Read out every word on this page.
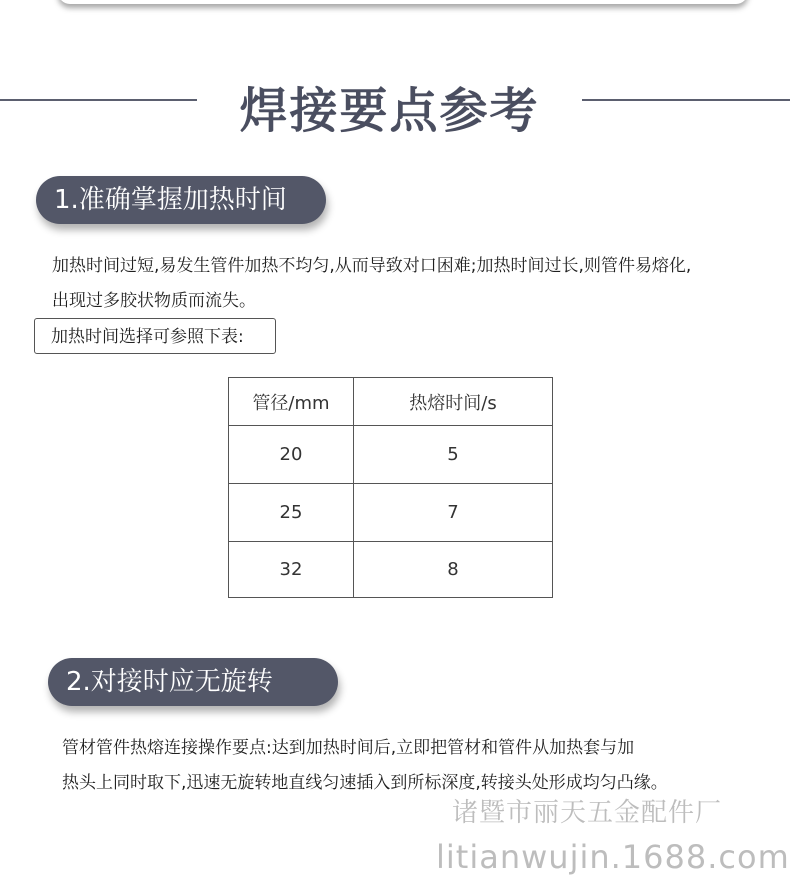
焊接要点参考
1.准确掌握加热时间
加热时间过短,易发生管件加热不均匀,从而导致对口困难;加热时间过长,则管件易熔化,
出现过多胶状物质而流失。
加热时间选择可参照下表:
管径/mm	热熔时间/s
20	5
25	7
32	8
2.对接时应无旋转
管材管件热熔连接操作要点:达到加热时间后,立即把管材和管件从加热套与加
热头上同时取下,迅速无旋转地直线匀速插入到所标深度,转接头处形成均匀凸缘。
诸暨市丽天五金配件厂
litianwujin.1688.com
